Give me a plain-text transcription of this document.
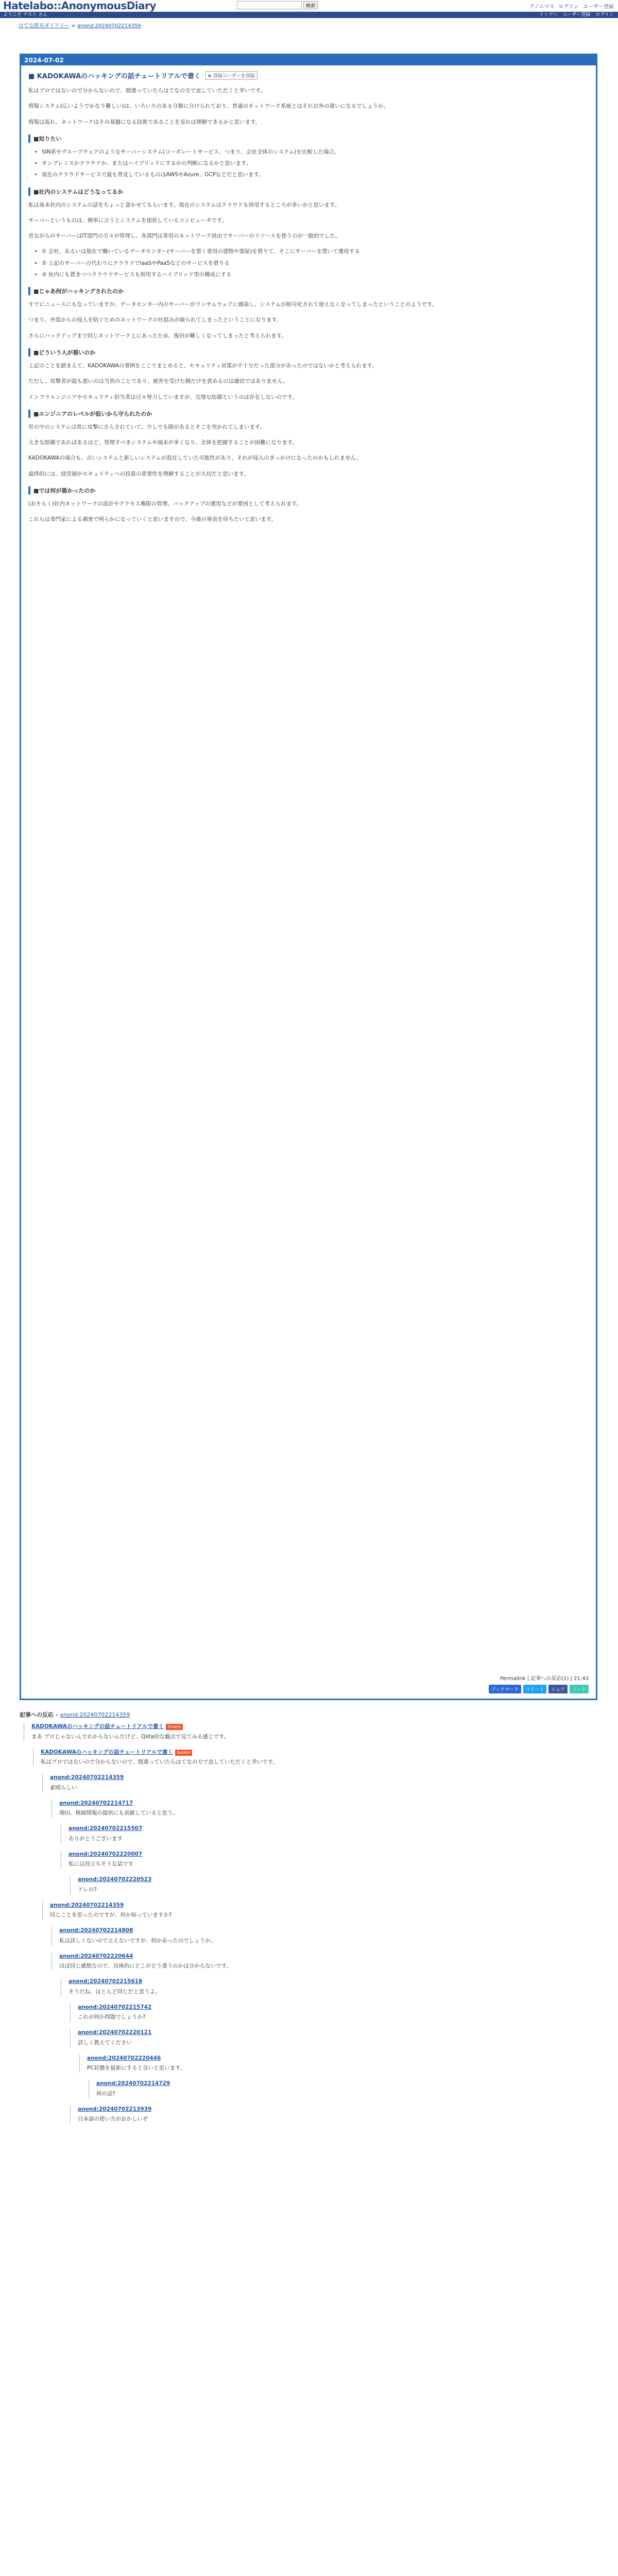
Hatelabo::AnonymousDiary	検索	アノニマス ログイン ユーザー登録
ようこそ ゲスト さん	トップへ ユーザー登録 ログイン
はてな匿名ダイアリー > anond:20240702214359
2024-07-02
■ KADOKAWAのハッキングの話チュートリアルで書く	★ 登録ユーザーを登録

私はプロではないので分からないので、間違っていたらはてなの方で直していただくと幸いです。

情報システム(広いようでかなり難しい)は、いろいろのある分類に分けられており、普通のネットワーク系統とはそれ以外の違いになるでしょうか。

情報は流れ、ネットワークはその基盤になる技術であることを見れば理解できるかと思います。

■知りたい
• SIN系やグループウェアのようなサーバーシステム(コーポレートサービス、つまり、会社全体のシステム)を比較した場合、
• オンプレミスかクラウドか、またはハイブリッドにするかの判断になるかと思います。
• 現在のクラウドサービスで最も普及しているものはAWSやAzure、GCPなどだと思います。
■社内のシステムはどうなってるか

私は基本社内のシステムの話をちょっと書かせてもらいます。現在のシステムはクラウドも併用するところが多いかと思います。

サーバーというものは、簡単に言うとシステムを提供しているコンピュータです。

昔ながらのサーバーはIT部門の方々が管理し、各部門は専用のネットワーク経由でサーバーのリソースを使うのが一般的でした。

• ① 会社、あるいは現在で働いているデータセンター(サーバーを置く専用の建物や部屋)を借りて、そこにサーバーを置いて運用する
• ② 上記のサーバーの代わりにクラウドでIaaSやPaaSなどのサービスを借りる
• ③ 社内にも置きつつクラウドサービスも併用するハイブリッド型の構成にする
■じゃあ何がハッキングされたのか

すでにニュースにもなっていますが、データセンター内のサーバーがランサムウェアに感染し、システムが暗号化されて使えなくなってしまったということのようです。

つまり、外部からの侵入を防ぐためのネットワークの仕組みが破られてしまったということになります。

さらにバックアップまで同じネットワーク上にあったため、復旧が難しくなってしまったと考えられます。

■どういう人が悪いのか

上記のことを踏まえて、KADOKAWAの事例をここでまとめると、セキュリティ対策が不十分だった部分があったのではないかと考えられます。

ただし、攻撃者が最も悪いのは当然のことであり、被害を受けた側だけを責めるのは適切ではありません。

インフラエンジニアやセキュリティ担当者は日々努力していますが、完璧な防御というのは存在しないのです。

■エンジニアのレベルが低いから守られたのか

世の中のシステムは常に攻撃にさらされていて、少しでも隙があるとそこを突かれてしまいます。

大きな組織であればあるほど、管理すべきシステムや端末が多くなり、全体を把握することが困難になります。

KADOKAWAの場合も、古いシステムと新しいシステムが混在していた可能性があり、それが侵入のきっかけになったのかもしれません。

最終的には、経営層がセキュリティへの投資の重要性を理解することが大切だと思います。

■では何が悪かったのか

(おそらく)社内ネットワークの設計やアクセス権限の管理、バックアップの運用などが要因として考えられます。

これらは専門家による調査で明らかになっていくと思いますので、今後の発表を待ちたいと思います。

Permalink | 記事への反応(1) | 21:43
ブックマーク	ツイート	シェア	ノート
記事への反応 - anond:20240702214359
KADOKAWAのハッキングの話チュートリアルで書く 3users
まあ プロじゃないんでわからないんだけど、Qiita的な観点で見てみる感じです。
KADOKAWAのハッキングの話チュートリアルで書く 3users
私はプロではないので分からないので、間違っていたらはてなの方で直していただくと幸いです。
anond:20240702214359
素晴らしい
anond:20240702214717
増田、株価情報の提供にも貢献していると思う。
anond:20240702215507
ありがとうございます
anond:20240702220007
私には役立ちそうな話です
anond:20240702220523
アレの?
anond:20240702214359
同じことを思ったのですが、何か知っていますか?
anond:20240702214808
私は詳しくないので言えないですが、何かあったのでしょうか。
anond:20240702220644
ほぼ同じ感想なので、具体的にどこがどう違うのかは分からないです。
anond:20240702215618
そうだね、ほとんど同じだと思うよ。
anond:20240702215742
これが何か問題でしょうか?
anond:20240702220121
詳しく教えてください
anond:20240702220446
PC状態を最新にすると良いと思います。
anond:20240702214729
何の話?
anond:20240702213939
日本語の使い方がおかしいぞ
